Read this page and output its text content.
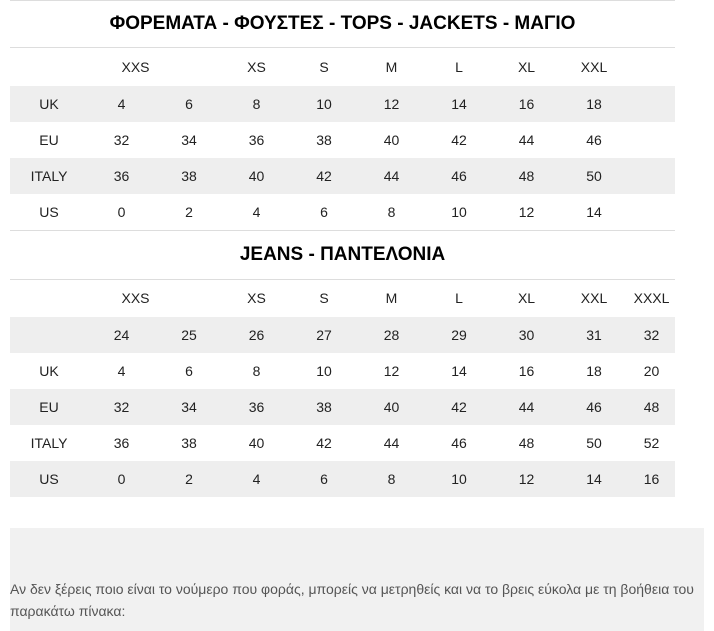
ΦΟΡΕΜΑΤΑ - ΦΟΥΣΤΕΣ - TOPS - JACKETS - ΜΑΓΙΟ									
	XXS		XS	S	M	L	XL	XXL	
UK	4	6	8	10	12	14	16	18	
EU	32	34	36	38	40	42	44	46	
ITALY	36	38	40	42	44	46	48	50	
US	0	2	4	6	8	10	12	14	
JEANS - ΠΑΝΤΕΛΟΝΙΑ									
	XXS		XS	S	M	L	XL	XXL	XXXL
	24	25	26	27	28	29	30	31	32
UK	4	6	8	10	12	14	16	18	20
EU	32	34	36	38	40	42	44	46	48
ITALY	36	38	40	42	44	46	48	50	52
US	0	2	4	6	8	10	12	14	16
Αν δεν ξέρεις ποιο είναι το νούμερο που φοράς, μπορείς να μετρηθείς και να το βρεις εύκολα με τη βοήθεια του παρακάτω πίνακα:
